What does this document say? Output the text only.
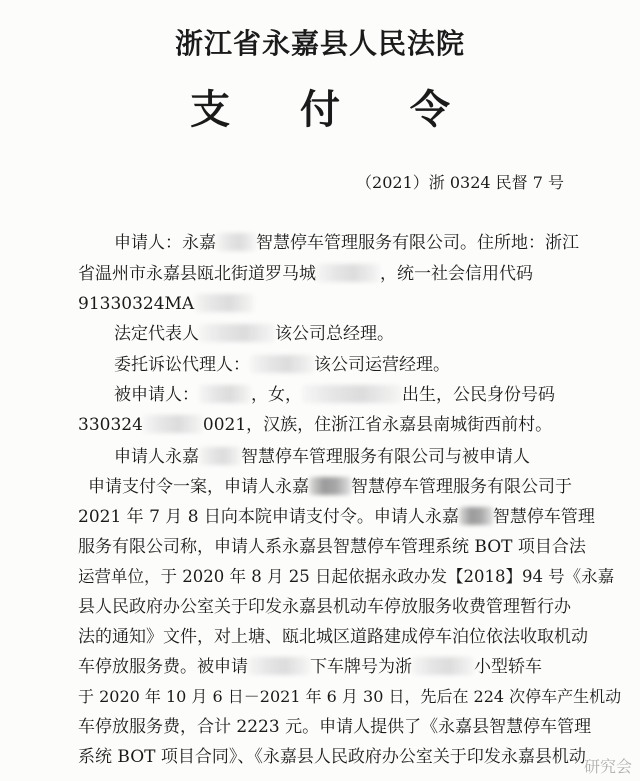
浙江省永嘉县人民法院
支 付 令
（2021）浙 0324 民督 7 号
申请人：永嘉 智慧停车管理服务有限公司。住所地：浙江
省温州市永嘉县瓯北街道罗马城	，统一社会信用代码
91330324MA
法定代表人	该公司总经理。
委托诉讼代理人：	该公司运营经理。
被申请人：	，女，	出生，公民身份号码
330324	0021，汉族，住浙江省永嘉县南城街西前村。
申请人永嘉 智慧停车管理服务有限公司与被申请人
申请支付令一案，申请人永嘉 智慧停车管理服务有限公司于
2021 年 7 月 8 日向本院申请支付令。申请人永嘉 智慧停车管理
服务有限公司称，申请人系永嘉县智慧停车管理系统 BOT 项目合法
运营单位，于 2020 年 8 月 25 日起依据永政办发【2018】94 号《永嘉
县人民政府办公室关于印发永嘉县机动车停放服务收费管理暂行办
法的通知》文件，对上塘、瓯北城区道路建成停车泊位依法收取机动
车停放服务费。被申请	下车牌号为浙	小型轿车
于 2020 年 10 月 6 日－2021 年 6 月 30 日，先后在 224 次停车产生机动
车停放服务费，合计 2223 元。申请人提供了《永嘉县智慧停车管理
系统 BOT 项目合同》、《永嘉县人民政府办公室关于印发永嘉县机动
研究会
